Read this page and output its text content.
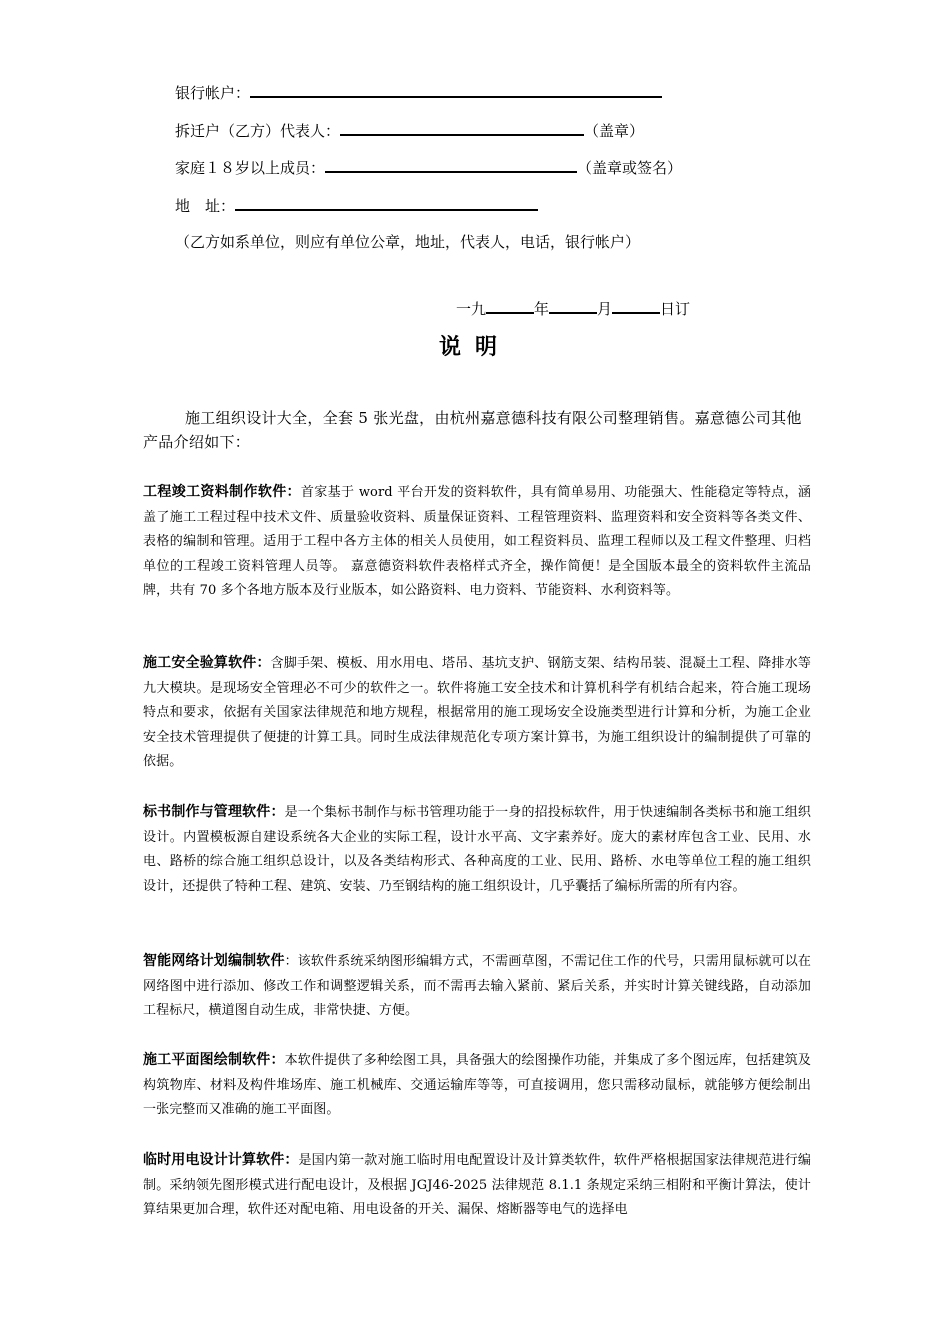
银行帐户：
拆迁户（乙方）代表人：	（盖章）
家庭１８岁以上成员：	（盖章或签名）
地　址：
（乙方如系单位，则应有单位公章，地址，代表人，电话，银行帐户）
一九	年	月	日订
说明
施工组织设计大全，全套 5 张光盘，由杭州嘉意德科技有限公司整理销售。嘉意德公司其他产品介绍如下：
工程竣工资料制作软件：首家基于 word 平台开发的资料软件，具有简单易用、功能强大、性能稳定等特点，涵盖了施工工程过程中技术文件、质量验收资料、质量保证资料、工程管理资料、监理资料和安全资料等各类文件、表格的编制和管理。适用于工程中各方主体的相关人员使用，如工程资料员、监理工程师以及工程文件整理、归档单位的工程竣工资料管理人员等。 嘉意德资料软件表格样式齐全，操作简便！是全国版本最全的资料软件主流品牌，共有 70 多个各地方版本及行业版本，如公路资料、电力资料、节能资料、水利资料等。
施工安全验算软件：含脚手架、模板、用水用电、塔吊、基坑支护、钢筋支架、结构吊装、混凝土工程、降排水等九大模块。是现场安全管理必不可少的软件之一。软件将施工安全技术和计算机科学有机结合起来，符合施工现场特点和要求，依据有关国家法律规范和地方规程，根据常用的施工现场安全设施类型进行计算和分析，为施工企业安全技术管理提供了便捷的计算工具。同时生成法律规范化专项方案计算书，为施工组织设计的编制提供了可靠的依据。
标书制作与管理软件：是一个集标书制作与标书管理功能于一身的招投标软件，用于快速编制各类标书和施工组织设计。内置模板源自建设系统各大企业的实际工程，设计水平高、文字素养好。庞大的素材库包含工业、民用、水电、路桥的综合施工组织总设计，以及各类结构形式、各种高度的工业、民用、路桥、水电等单位工程的施工组织设计，还提供了特种工程、建筑、安装、乃至钢结构的施工组织设计，几乎囊括了编标所需的所有内容。
智能网络计划编制软件：该软件系统采纳图形编辑方式，不需画草图，不需记住工作的代号，只需用鼠标就可以在网络图中进行添加、修改工作和调整逻辑关系，而不需再去输入紧前、紧后关系，并实时计算关键线路，自动添加工程标尺，横道图自动生成，非常快捷、方便。
施工平面图绘制软件：本软件提供了多种绘图工具，具备强大的绘图操作功能，并集成了多个图远库，包括建筑及构筑物库、材料及构件堆场库、施工机械库、交通运输库等等，可直接调用，您只需移动鼠标，就能够方便绘制出一张完整而又准确的施工平面图。
临时用电设计计算软件：是国内第一款对施工临时用电配置设计及计算类软件，软件严格根据国家法律规范进行编制。采纳领先图形模式进行配电设计，及根据 JGJ46-2025 法律规范 8.1.1 条规定采纳三相附和平衡计算法，使计算结果更加合理，软件还对配电箱、用电设备的开关、漏保、熔断器等电气的选择电
